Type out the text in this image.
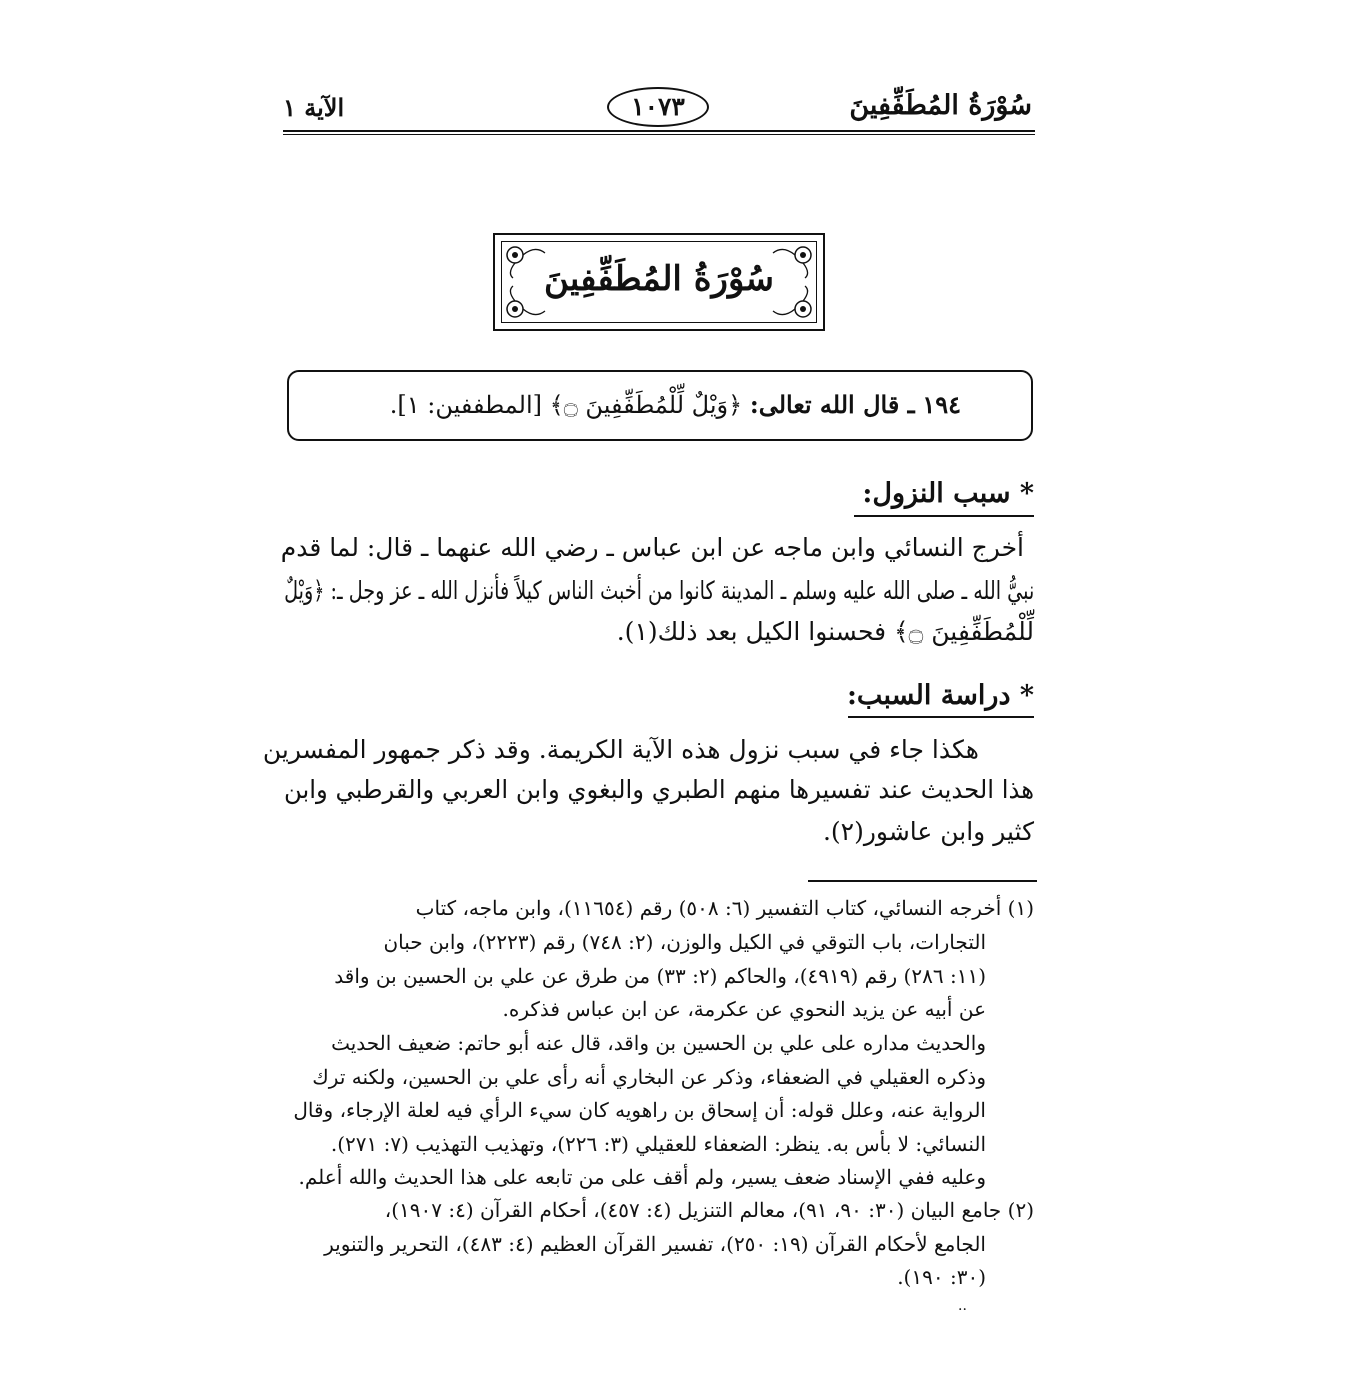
الآية ١	١٠٧٣	سُوْرَةُ المُطَفِّفِينَ
سُوْرَةُ المُطَفِّفِينَ
١٩٤ ـ قال الله تعالى: ﴿وَيْلٌ لِّلْمُطَفِّفِينَ ۝﴾ [المطففين: ١].
* سبب النزول:
أخرج النسائي وابن ماجه عن ابن عباس ـ رضي الله عنهما ـ قال: لما قدم
نبيُّ الله ـ صلى الله عليه وسلم ـ المدينة كانوا من أخبث الناس كيلاً فأنزل الله ـ عز وجل ـ: ﴿وَيْلٌ
لِّلْمُطَفِّفِينَ ۝﴾ فحسنوا الكيل بعد ذلك(١).
* دراسة السبب:
هكذا جاء في سبب نزول هذه الآية الكريمة. وقد ذكر جمهور المفسرين
هذا الحديث عند تفسيرها منهم الطبري والبغوي وابن العربي والقرطبي وابن
كثير وابن عاشور(٢).
(١) أخرجه النسائي، كتاب التفسير (٦: ٥٠٨) رقم (١١٦٥٤)، وابن ماجه، كتاب
التجارات، باب التوقي في الكيل والوزن، (٢: ٧٤٨) رقم (٢٢٢٣)، وابن حبان
(١١: ٢٨٦) رقم (٤٩١٩)، والحاكم (٢: ٣٣) من طرق عن علي بن الحسين بن واقد
عن أبيه عن يزيد النحوي عن عكرمة، عن ابن عباس فذكره.
والحديث مداره على علي بن الحسين بن واقد، قال عنه أبو حاتم: ضعيف الحديث
وذكره العقيلي في الضعفاء، وذكر عن البخاري أنه رأى علي بن الحسين، ولكنه ترك
الرواية عنه، وعلل قوله: أن إسحاق بن راهويه كان سيء الرأي فيه لعلة الإرجاء، وقال
النسائي: لا بأس به. ينظر: الضعفاء للعقيلي (٣: ٢٢٦)، وتهذيب التهذيب (٧: ٢٧١).
وعليه ففي الإسناد ضعف يسير، ولم أقف على من تابعه على هذا الحديث والله أعلم.
(٢) جامع البيان (٣٠: ٩٠، ٩١)، معالم التنزيل (٤: ٤٥٧)، أحكام القرآن (٤: ١٩٠٧)،
الجامع لأحكام القرآن (١٩: ٢٥٠)، تفسير القرآن العظيم (٤: ٤٨٣)، التحرير والتنوير
(٣٠: ١٩٠).
··
